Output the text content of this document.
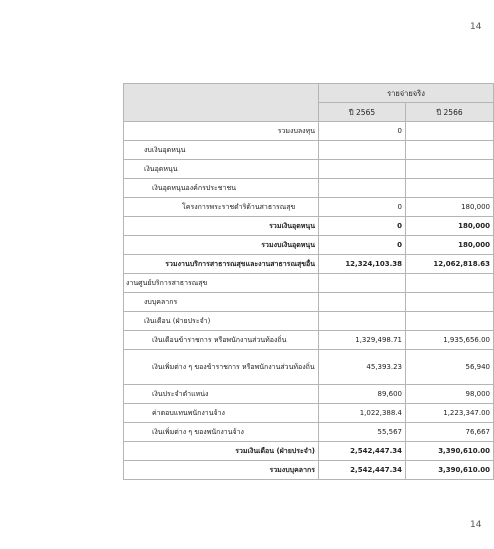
14
	รายจ่ายจริง	
	ปี 2565	ปี 2566
รวมงบลงทุน	0	
งบเงินอุดหนุน		
เงินอุดหนุน		
เงินอุดหนุนองค์กรประชาชน		
โครงการพระราชดำริด้านสาธารณสุข	0	180,000
รวมเงินอุดหนุน	0	180,000
รวมงบเงินอุดหนุน	0	180,000
รวมงานบริการสาธารณสุขและงานสาธารณสุขอื่น	12,324,103.38	12,062,818.63
งานศูนย์บริการสาธารณสุข		
งบบุคลากร		
เงินเดือน (ฝ่ายประจำ)		
เงินเดือนข้าราชการ หรือพนักงานส่วนท้องถิ่น	1,329,498.71	1,935,656.00
เงินเพิ่มต่าง ๆ ของข้าราชการ หรือพนักงานส่วนท้องถิ่น	45,393.23	56,940
เงินประจำตำแหน่ง	89,600	98,000
ค่าตอบแทนพนักงานจ้าง	1,022,388.4	1,223,347.00
เงินเพิ่มต่าง ๆ ของพนักงานจ้าง	55,567	76,667
รวมเงินเดือน (ฝ่ายประจำ)	2,542,447.34	3,390,610.00
รวมงบบุคลากร	2,542,447.34	3,390,610.00
14
